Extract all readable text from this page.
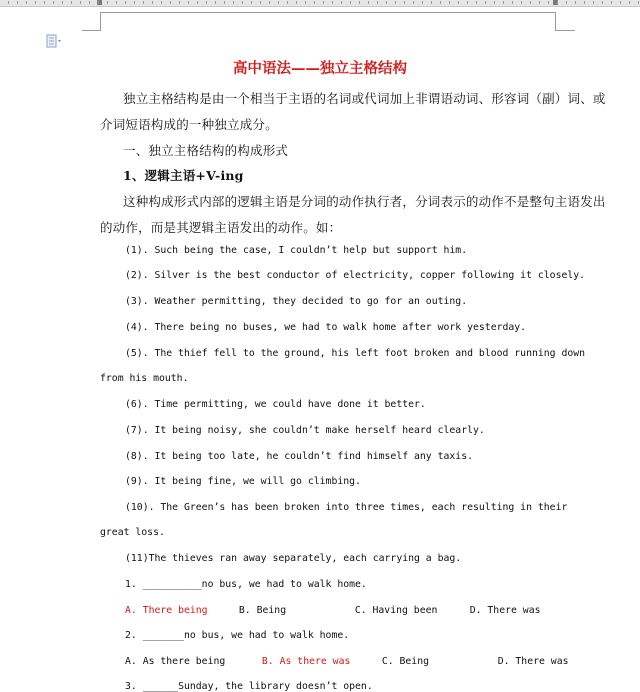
高中语法——独立主格结构
独立主格结构是由一个相当于主语的名词或代词加上非谓语动词、形容词（副）词、或
介词短语构成的一种独立成分。
一、独立主格结构的构成形式
1、逻辑主语+V-ing
这种构成形式内部的逻辑主语是分词的动作执行者，分词表示的动作不是整句主语发出
的动作，而是其逻辑主语发出的动作。如：
(1). Such being the case, I couldn’t help but support him.
(2). Silver is the best conductor of electricity, copper following it closely.
(3). Weather permitting, they decided to go for an outing.
(4). There being no buses, we had to walk home after work yesterday.
(5). The thief fell to the ground, his left foot broken and blood running down
from his mouth.
(6). Time permitting, we could have done it better.
(7). It being noisy, she couldn’t make herself heard clearly.
(8). It being too late, he couldn’t find himself any taxis.
(9). It being fine, we will go climbing.
(10). The Green’s has been broken into three times, each resulting in their
great loss.
(11)The thieves ran away separately, each carrying a bag.
1. __________no bus, we had to walk home.
A. There being	B. Being	C. Having been	D. There was
2. _______no bus, we had to walk home.
A. As there being	B. As there was	C. Being	D. There was
3. ______Sunday, the library doesn’t open.
